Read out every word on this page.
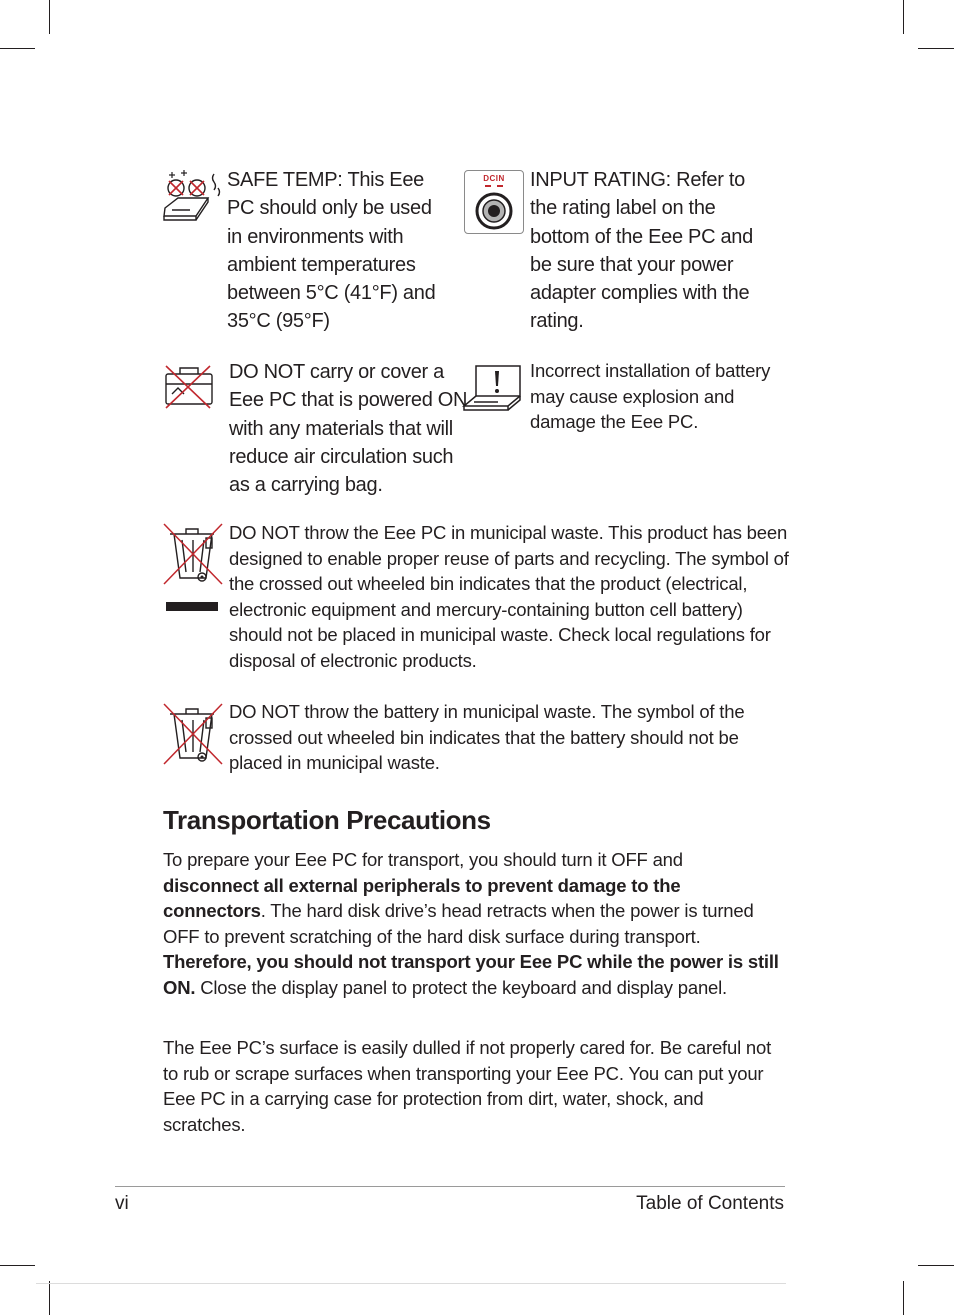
SAFE TEMP: This Eee PC should only be used in environments with ambient temperatures between 5°C (41°F) and 35°C (95°F)
DCIN	INPUT RATING: Refer to the rating label on the bottom of the Eee PC and be sure that your power adapter complies with the rating.
DO NOT carry or cover a Eee PC that is powered ON with any materials that will reduce air circulation such as a carrying bag.
Incorrect installation of battery may cause explosion and damage the Eee PC.
DO NOT throw the Eee PC in municipal waste. This product has been designed to enable proper reuse of parts and recycling. The symbol of the crossed out wheeled bin indicates that the product (electrical, electronic equipment and mercury-containing button cell battery) should not be placed in municipal waste. Check local regulations for disposal of electronic products.
DO NOT throw the battery in municipal waste. The symbol of the crossed out wheeled bin indicates that the battery should not be placed in municipal waste.
Transportation Precautions

To prepare your Eee PC for transport, you should turn it OFF and disconnect all external peripherals to prevent damage to the connectors. The hard disk drive’s head retracts when the power is turned OFF to prevent scratching of the hard disk surface during transport. Therefore, you should not transport your Eee PC while the power is still ON. Close the display panel to protect the keyboard and display panel.

The Eee PC’s surface is easily dulled if not properly cared for. Be careful not to rub or scrape surfaces when transporting your Eee PC. You can put your Eee PC in a carrying case for protection from dirt, water, shock, and scratches.

vi	Table of Contents
